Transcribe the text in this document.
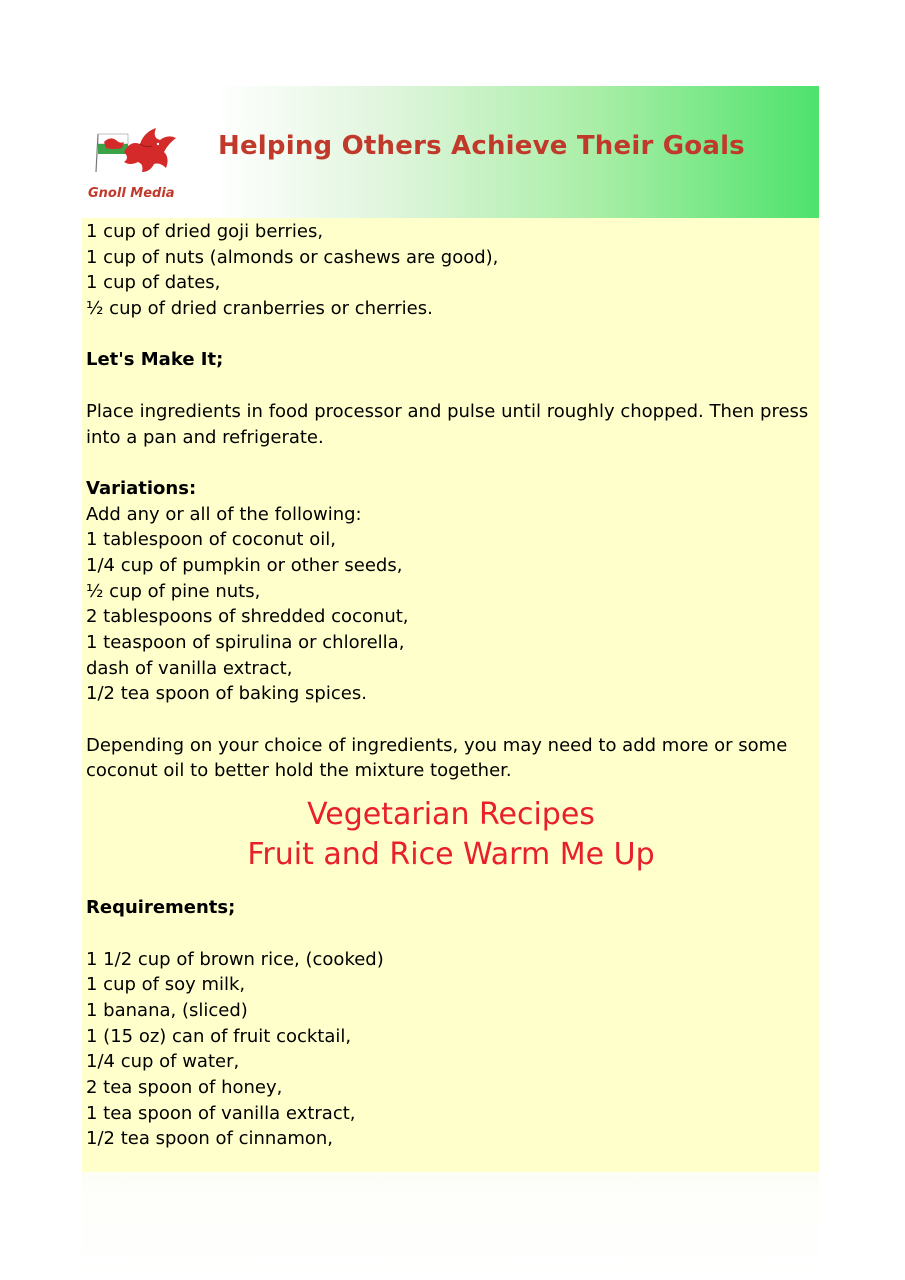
Gnoll Media
Helping Others Achieve Their Goals
1 cup of dried goji berries,
1 cup of nuts (almonds or cashews are good),
1 cup of dates,
½ cup of dried cranberries or cherries.
Let's Make It;
Place ingredients in food processor and pulse until roughly chopped. Then press into a pan and refrigerate.
Variations:
Add any or all of the following:
1 tablespoon of coconut oil,
1/4 cup of pumpkin or other seeds,
½ cup of pine nuts,
2 tablespoons of shredded coconut,
1 teaspoon of spirulina or chlorella,
dash of vanilla extract,
1/2 tea spoon of baking spices.
Depending on your choice of ingredients, you may need to add more or some coconut oil to better hold the mixture together.
Vegetarian Recipes
Fruit and Rice Warm Me Up
Requirements;
1 1/2 cup of brown rice, (cooked)
1 cup of soy milk,
1 banana, (sliced)
1 (15 oz) can of fruit cocktail,
1/4 cup of water,
2 tea spoon of honey,
1 tea spoon of vanilla extract,
1/2 tea spoon of cinnamon,
